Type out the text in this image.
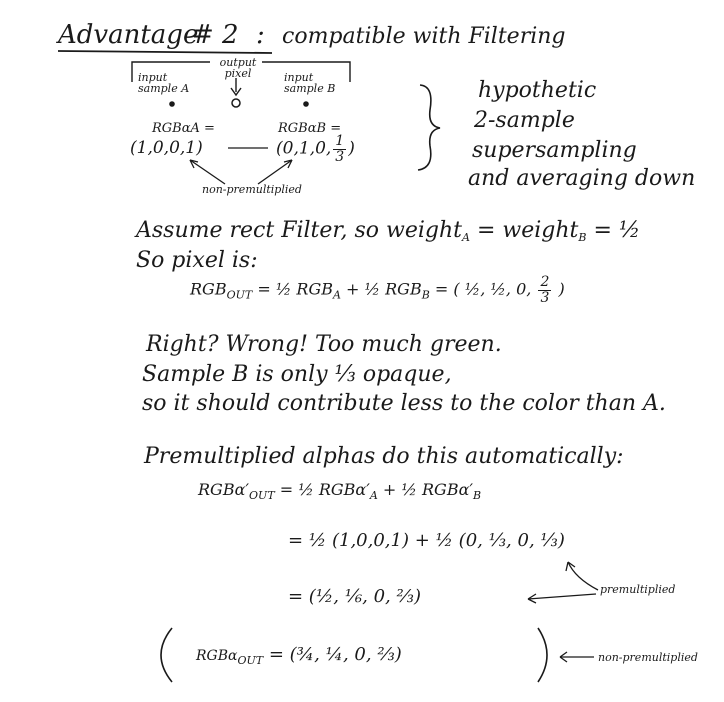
Advantage
# 2 : compatible with Filtering
output pixel
input sample A
input sample B
RGBαA =	RGBαB =
(1,0,0,1)	(0,1,0, $\frac{1}{3}$ )
non-premultiplied
hypothetic
2-sample
supersampling
and averaging down
Assume rect Filter, so weight$_A$ = weight$_B$ = ½
So pixel is:
$RGB_{OUT}$ = ½ $RGB_A$ + ½ $RGB_B$ = ( ½, ½, 0, $\frac{2}{3}$ )
Right? Wrong! Too much green.
Sample B is only ⅓ opaque,
so it should contribute less to the color than A.
Premultiplied alphas do this automatically:
$RGB\alpha'_{OUT}$ = ½ $RGB\alpha'_A$ + ½ $RGB\alpha'_B$
= ½ (1,0,0,1) + ½ (0, ⅓, 0, ⅓)
= (½, ⅙, 0, ⅔)	premultiplied
RGBα$_{OUT}$ = (¾, ¼, 0, ⅔)	non-premultiplied
